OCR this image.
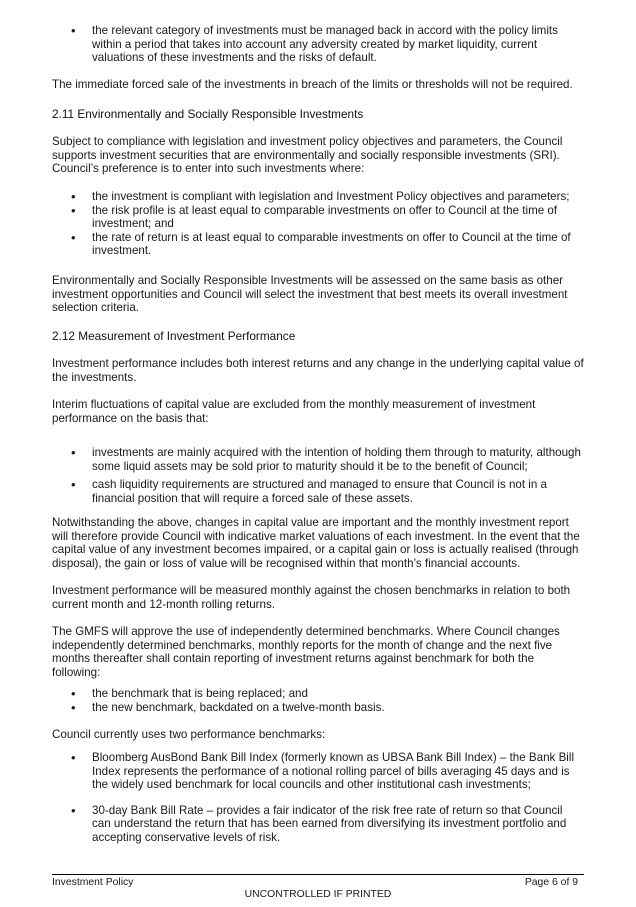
• the relevant category of investments must be managed back in accord with the policy limits within a period that takes into account any adversity created by market liquidity, current valuations of these investments and the risks of default.

The immediate forced sale of the investments in breach of the limits or thresholds will not be required.

2.11 Environmentally and Socially Responsible Investments

Subject to compliance with legislation and investment policy objectives and parameters, the Council supports investment securities that are environmentally and socially responsible investments (SRI). Council’s preference is to enter into such investments where:

• the investment is compliant with legislation and Investment Policy objectives and parameters;
• the risk profile is at least equal to comparable investments on offer to Council at the time of investment; and
• the rate of return is at least equal to comparable investments on offer to Council at the time of investment.

Environmentally and Socially Responsible Investments will be assessed on the same basis as other investment opportunities and Council will select the investment that best meets its overall investment selection criteria.

2.12 Measurement of Investment Performance

Investment performance includes both interest returns and any change in the underlying capital value of the investments.

Interim fluctuations of capital value are excluded from the monthly measurement of investment performance on the basis that:

• investments are mainly acquired with the intention of holding them through to maturity, although some liquid assets may be sold prior to maturity should it be to the benefit of Council;
• cash liquidity requirements are structured and managed to ensure that Council is not in a financial position that will require a forced sale of these assets.

Notwithstanding the above, changes in capital value are important and the monthly investment report will therefore provide Council with indicative market valuations of each investment. In the event that the capital value of any investment becomes impaired, or a capital gain or loss is actually realised (through disposal), the gain or loss of value will be recognised within that month’s financial accounts.

Investment performance will be measured monthly against the chosen benchmarks in relation to both current month and 12-month rolling returns.

The GMFS will approve the use of independently determined benchmarks. Where Council changes independently determined benchmarks, monthly reports for the month of change and the next five months thereafter shall contain reporting of investment returns against benchmark for both the following:

• the benchmark that is being replaced; and
• the new benchmark, backdated on a twelve-month basis.

Council currently uses two performance benchmarks:

• Bloomberg AusBond Bank Bill Index (formerly known as UBSA Bank Bill Index) – the Bank Bill Index represents the performance of a notional rolling parcel of bills averaging 45 days and is the widely used benchmark for local councils and other institutional cash investments;
• 30-day Bank Bill Rate – provides a fair indicator of the risk free rate of return so that Council can understand the return that has been earned from diversifying its investment portfolio and accepting conservative levels of risk.
Investment Policy	Page 6 of 9
UNCONTROLLED IF PRINTED
